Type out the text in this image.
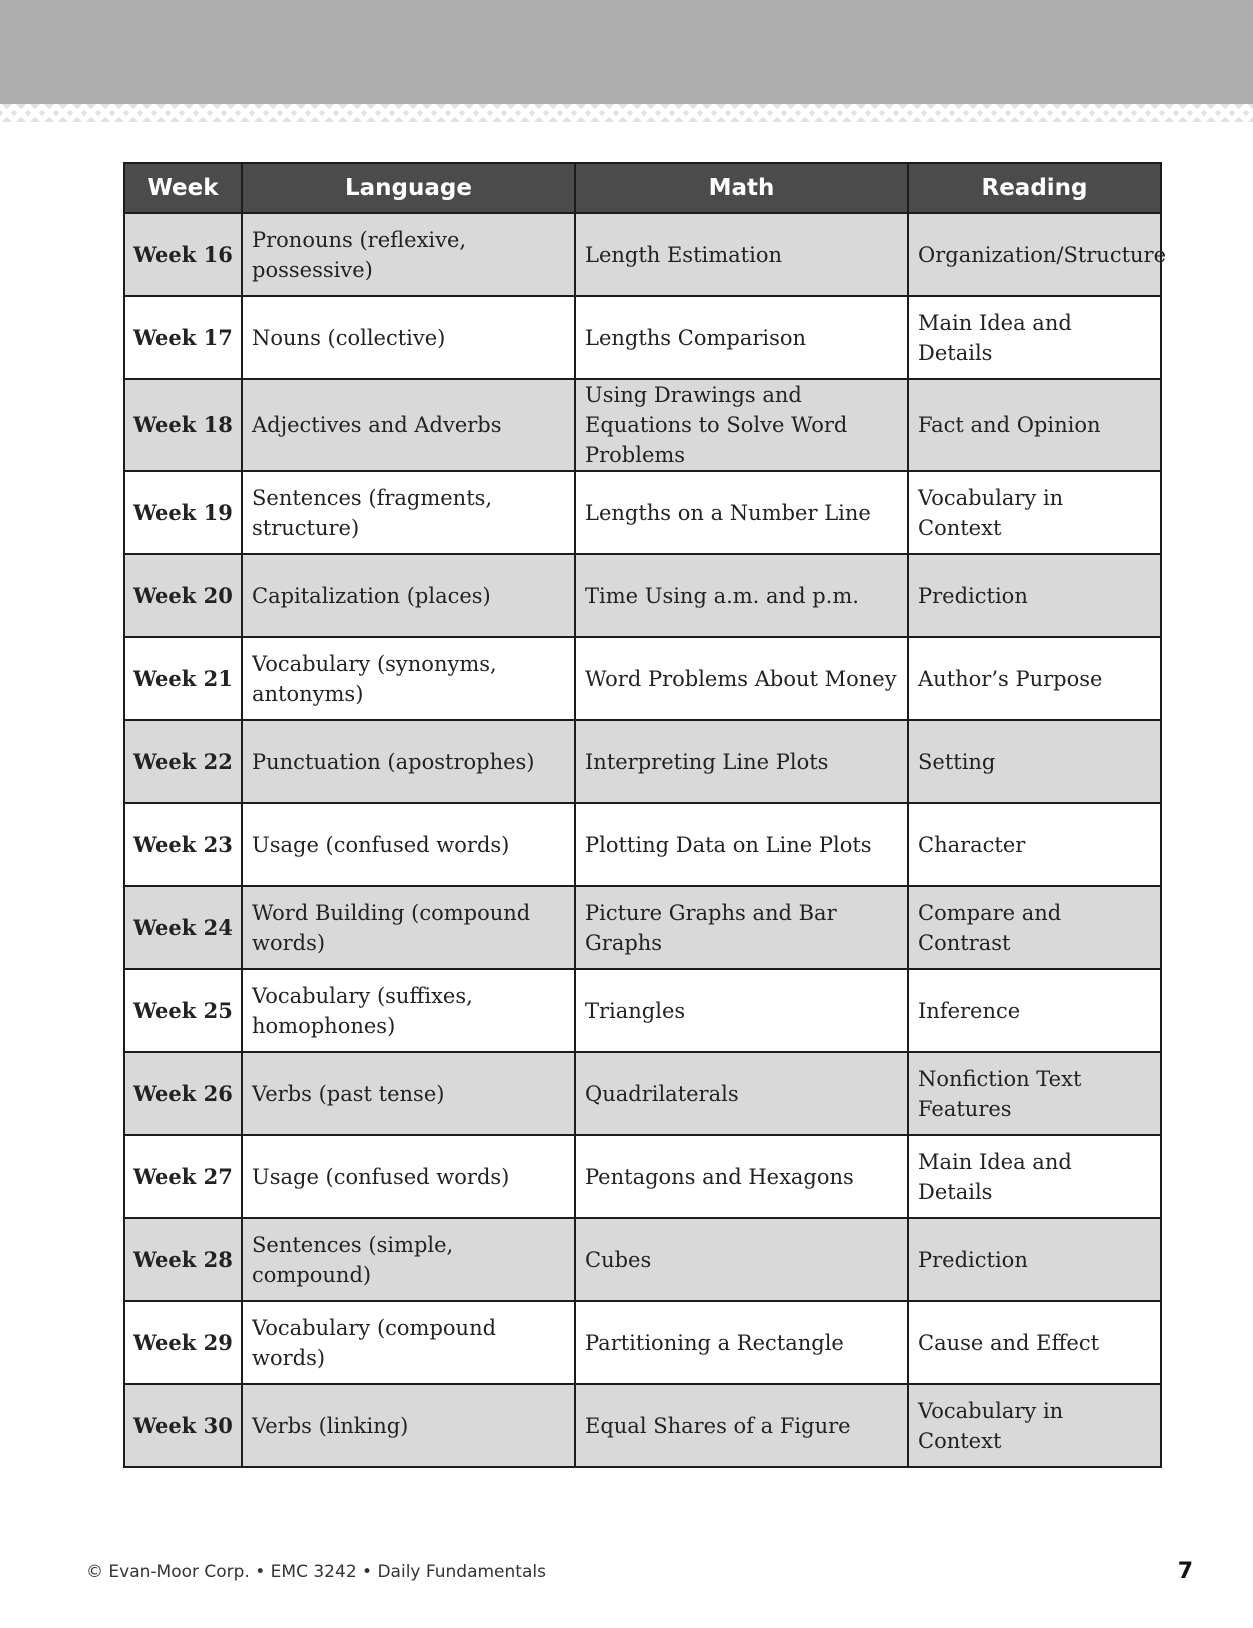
Week	Language	Math	Reading
Week 16	Pronouns (reflexive, possessive)	Length Estimation	Organization/Structure
Week 17	Nouns (collective)	Lengths Comparison	Main Idea and Details
Week 18	Adjectives and Adverbs	Using Drawings and Equations to Solve Word Problems	Fact and Opinion
Week 19	Sentences (fragments, structure)	Lengths on a Number Line	Vocabulary in Context
Week 20	Capitalization (places)	Time Using a.m. and p.m.	Prediction
Week 21	Vocabulary (synonyms, antonyms)	Word Problems About Money	Author’s Purpose
Week 22	Punctuation (apostrophes)	Interpreting Line Plots	Setting
Week 23	Usage (confused words)	Plotting Data on Line Plots	Character
Week 24	Word Building (compound words)	Picture Graphs and Bar Graphs	Compare and Contrast
Week 25	Vocabulary (suffixes, homophones)	Triangles	Inference
Week 26	Verbs (past tense)	Quadrilaterals	Nonfiction Text Features
Week 27	Usage (confused words)	Pentagons and Hexagons	Main Idea and Details
Week 28	Sentences (simple, compound)	Cubes	Prediction
Week 29	Vocabulary (compound words)	Partitioning a Rectangle	Cause and Effect
Week 30	Verbs (linking)	Equal Shares of a Figure	Vocabulary in Context
© Evan-Moor Corp. • EMC 3242 • Daily Fundamentals	7
